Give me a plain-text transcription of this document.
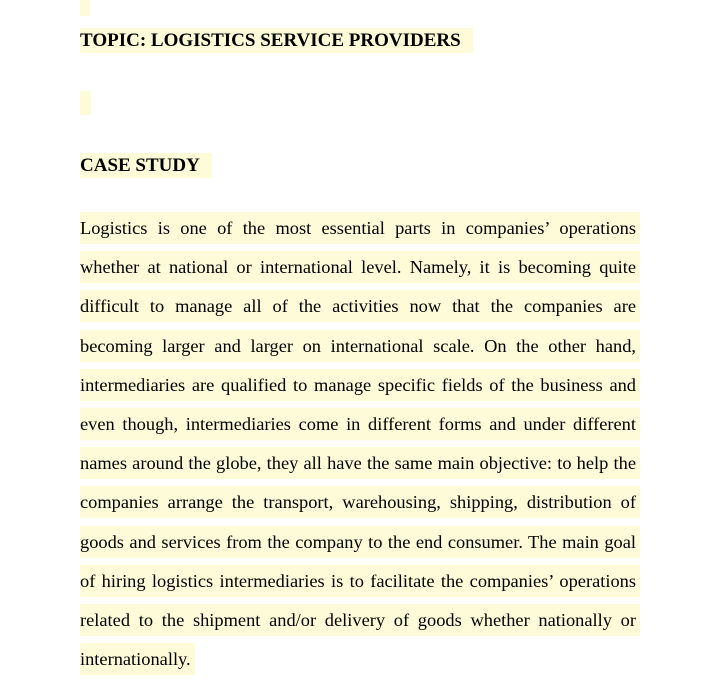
TOPIC: LOGISTICS SERVICE PROVIDERS
CASE STUDY

Logistics is one of the most essential parts in companies’ operations whether at national or international level. Namely, it is becoming quite difficult to manage all of the activities now that the companies are becoming larger and larger on international scale. On the other hand, intermediaries are qualified to manage specific fields of the business and even though, intermediaries come in different forms and under different names around the globe, they all have the same main objective: to help the companies arrange the transport, warehousing, shipping, distribution of goods and services from the company to the end consumer. The main goal of hiring logistics intermediaries is to facilitate the companies’ operations related to the shipment and/or delivery of goods whether nationally or internationally.
